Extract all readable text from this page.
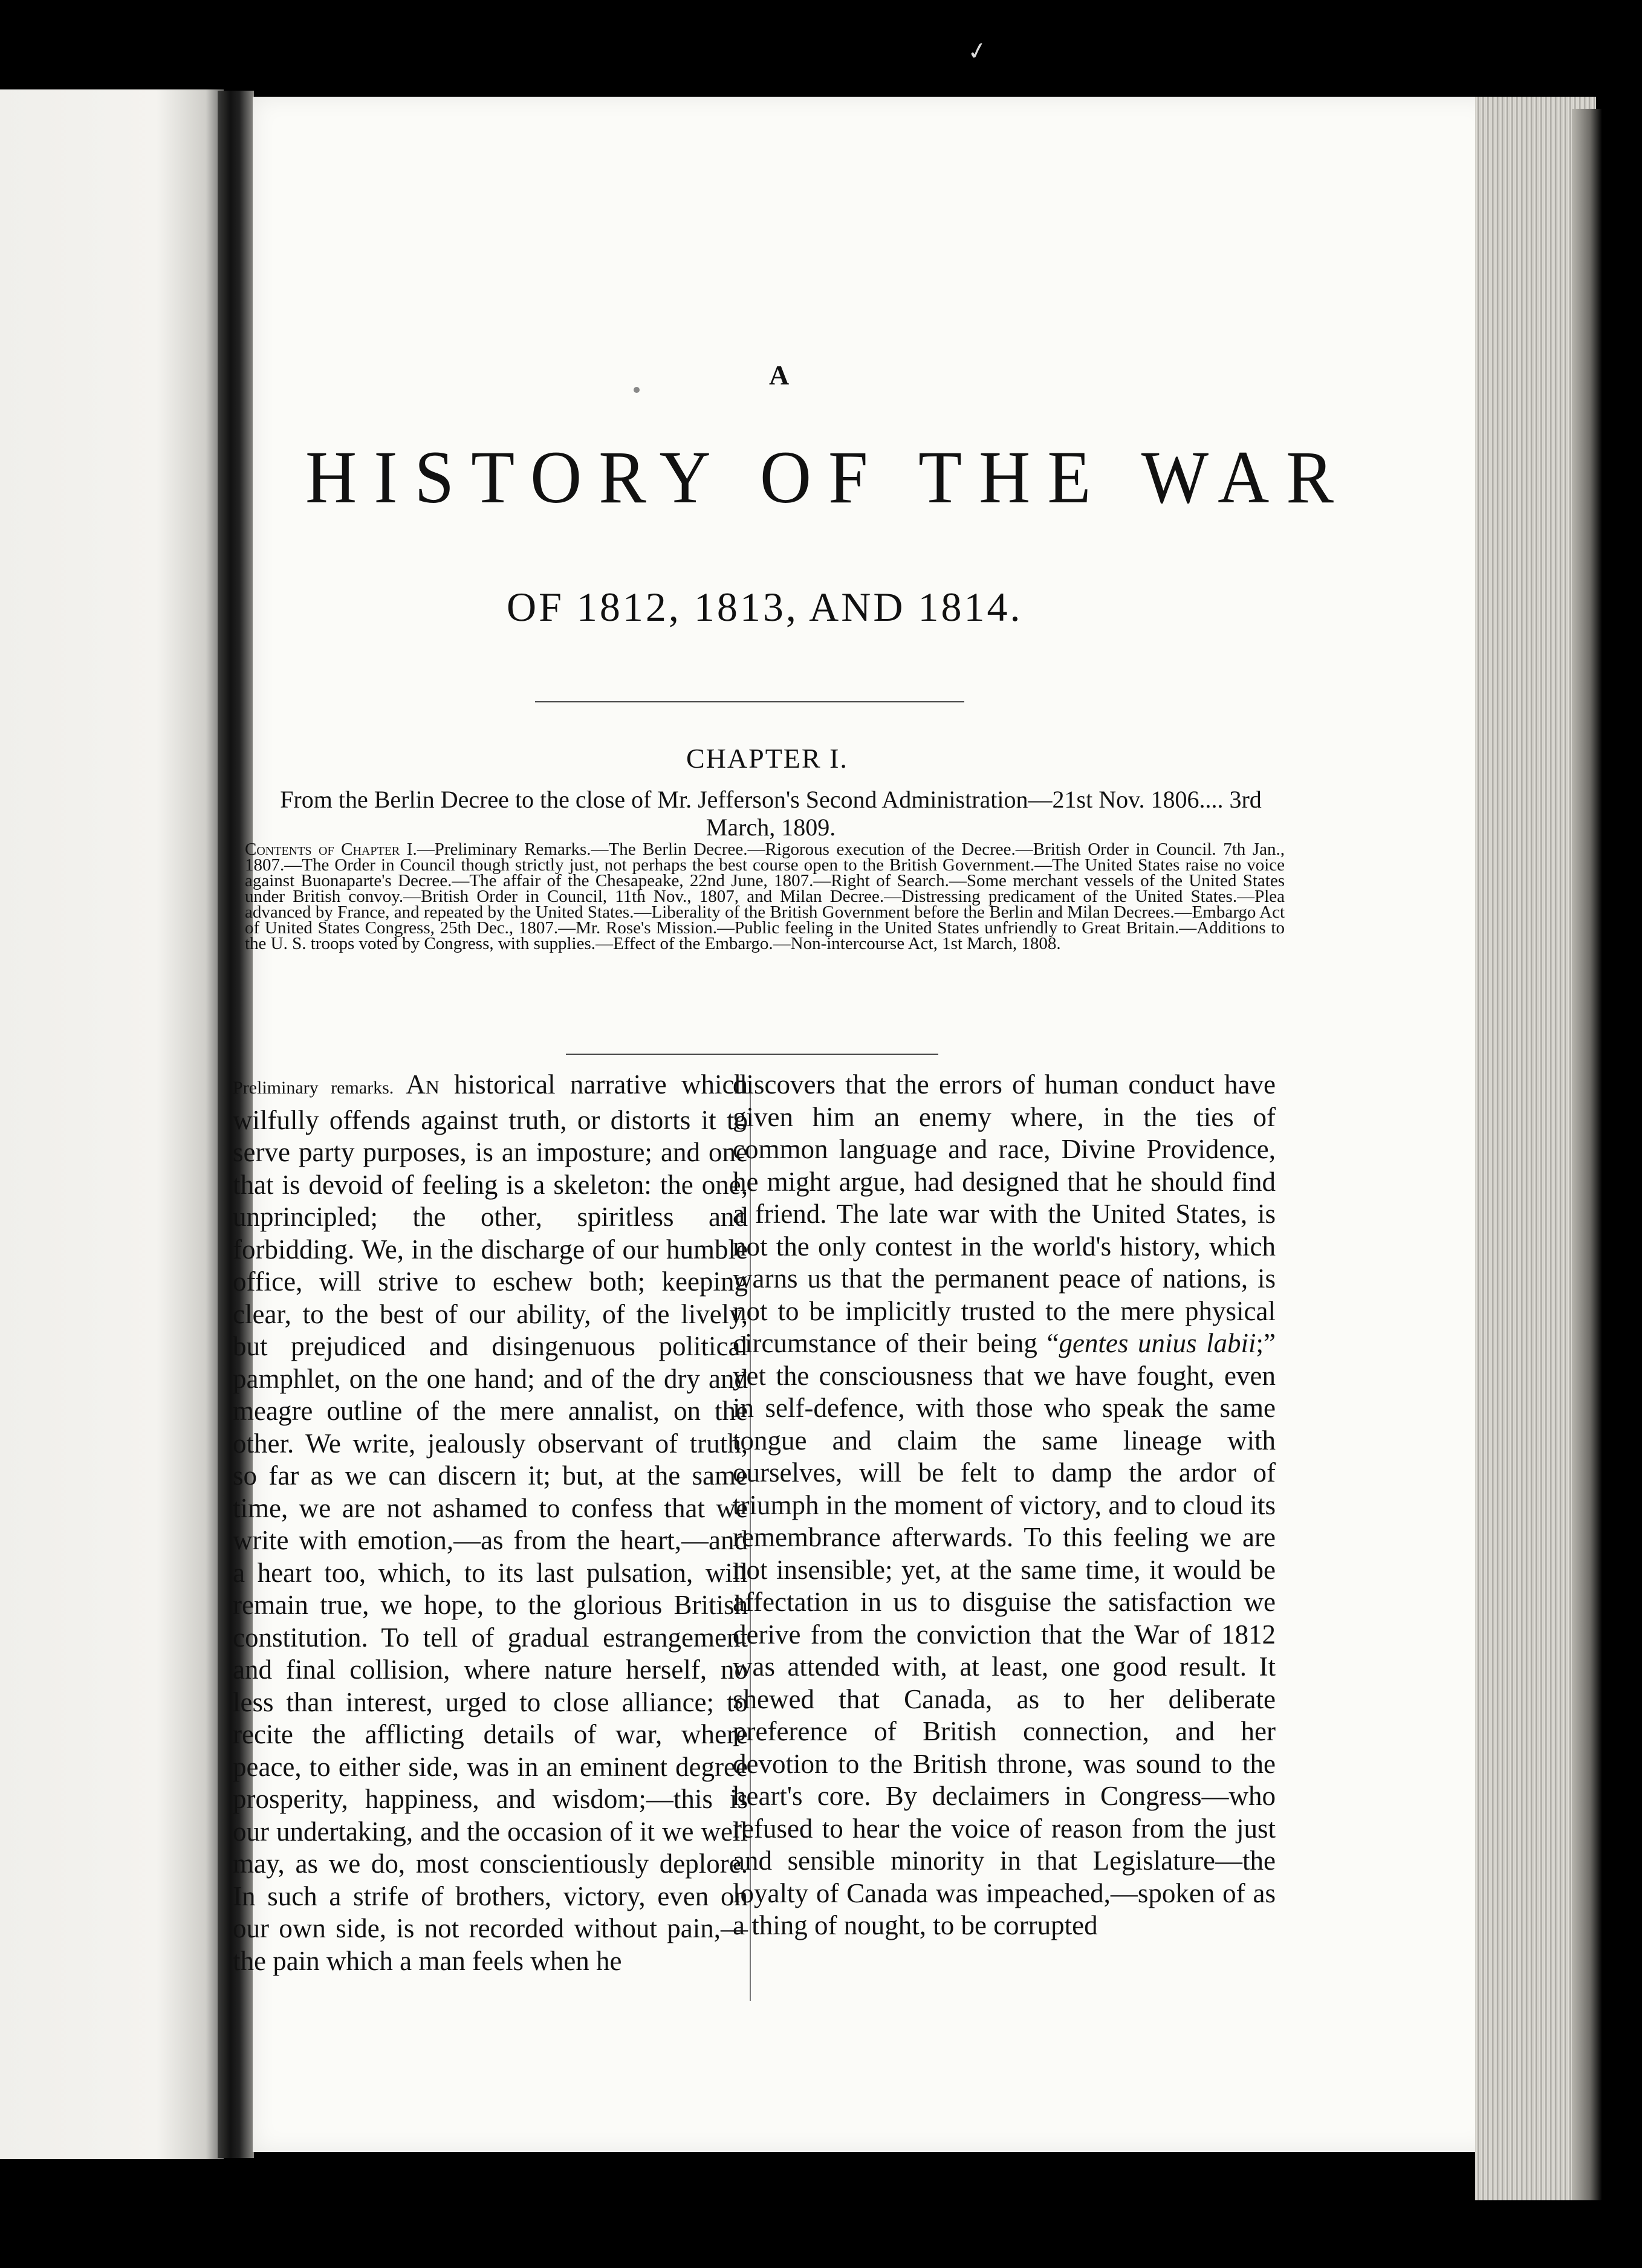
✓
A
HISTORY OF THE WAR
OF 1812, 1813, AND 1814.
CHAPTER I.
From the Berlin Decree to the close of Mr. Jefferson's Second Administration—21st Nov. 1806.... 3rd March, 1809.
Contents of Chapter I.—Preliminary Remarks.—The Berlin Decree.—Rigorous execution of the Decree.—British Order in Council. 7th Jan., 1807.—The Order in Council though strictly just, not perhaps the best course open to the British Government.—The United States raise no voice against Buonaparte's Decree.—The affair of the Chesapeake, 22nd June, 1807.—Right of Search.—Some merchant vessels of the United States under British convoy.—British Order in Council, 11th Nov., 1807, and Milan Decree.—Distressing predicament of the United States.—Plea advanced by France, and repeated by the United States.—Liberality of the British Government before the Berlin and Milan Decrees.—Embargo Act of United States Congress, 25th Dec., 1807.—Mr. Rose's Mission.—Public feeling in the United States unfriendly to Great Britain.—Additions to the U. S. troops voted by Congress, with supplies.—Effect of the Embargo.—Non-intercourse Act, 1st March, 1808.
Preliminary remarks. An historical narrative which wilfully offends against truth, or distorts it to serve party purposes, is an imposture; and one that is devoid of feeling is a skeleton: the one, unprincipled; the other, spiritless and forbidding. We, in the discharge of our humble office, will strive to eschew both; keeping clear, to the best of our ability, of the lively, but prejudiced and disingenuous political pamphlet, on the one hand; and of the dry and meagre outline of the mere annalist, on the other. We write, jealously observant of truth, so far as we can discern it; but, at the same time, we are not ashamed to confess that we write with emotion,—as from the heart,—and a heart too, which, to its last pulsation, will remain true, we hope, to the glorious British constitution. To tell of gradual estrangement and final collision, where nature herself, no less than interest, urged to close alliance; to recite the afflicting details of war, where peace, to either side, was in an eminent degree prosperity, happiness, and wisdom;—this is our undertaking, and the occasion of it we well may, as we do, most conscientiously deplore. In such a strife of brothers, victory, even on our own side, is not recorded without pain,—the pain which a man feels when he
discovers that the errors of human conduct have given him an enemy where, in the ties of common language and race, Divine Providence, he might argue, had designed that he should find a friend. The late war with the United States, is not the only contest in the world's history, which warns us that the permanent peace of nations, is not to be implicitly trusted to the mere physical circumstance of their being “gentes unius labii;” yet the consciousness that we have fought, even in self-defence, with those who speak the same tongue and claim the same lineage with ourselves, will be felt to damp the ardor of triumph in the moment of victory, and to cloud its remembrance afterwards. To this feeling we are not insensible; yet, at the same time, it would be affectation in us to disguise the satisfaction we derive from the conviction that the War of 1812 was attended with, at least, one good result. It shewed that Canada, as to her deliberate preference of British connection, and her devotion to the British throne, was sound to the heart's core. By declaimers in Congress—who refused to hear the voice of reason from the just and sensible minority in that Legislature—the loyalty of Canada was impeached,—spoken of as a thing of nought, to be corrupted
